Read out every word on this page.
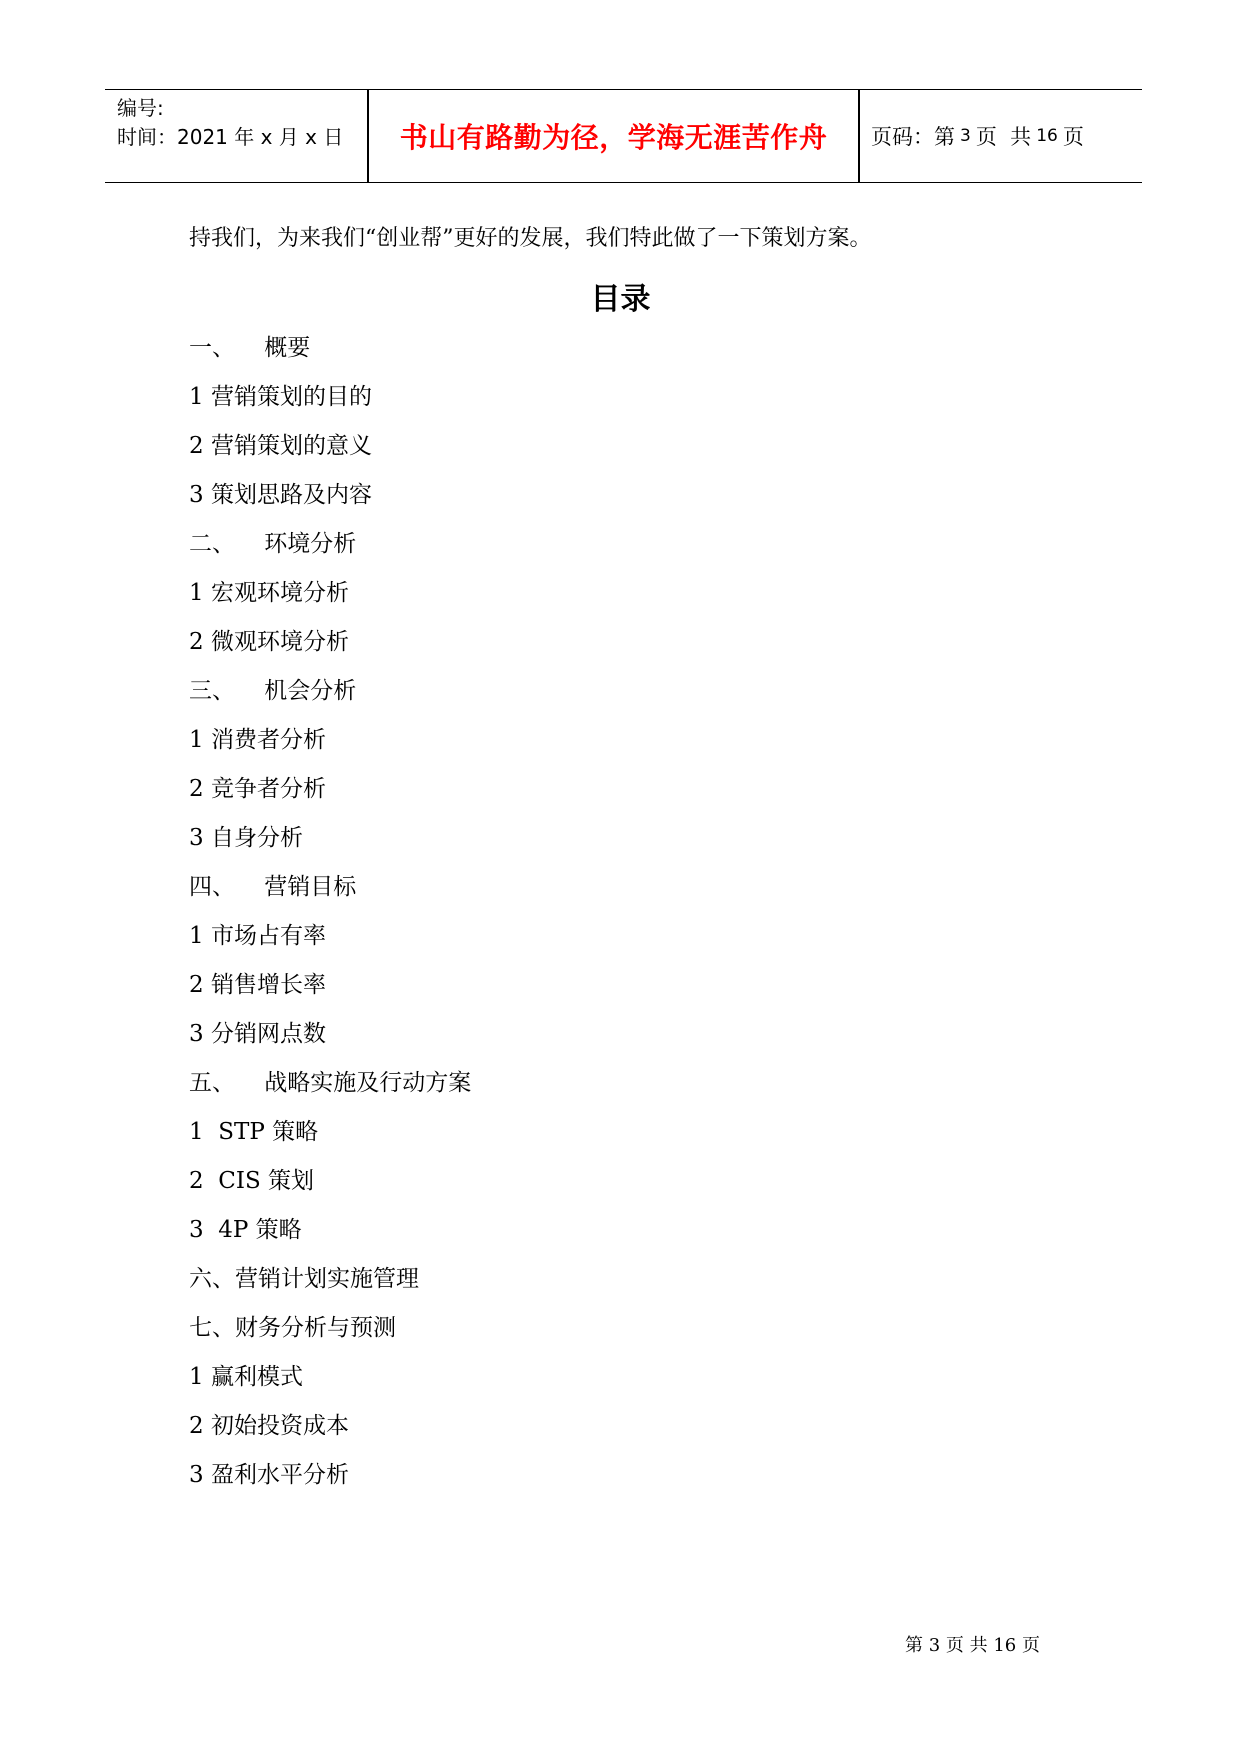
编号:
时间：2021 年 x 月 x 日	书山有路勤为径，学海无涯苦作舟	页码：第 3 页  共 16 页
持我们，为来我们“创业帮”更好的发展，我们特此做了一下策划方案。
目录
一、    概要
1 营销策划的目的
2 营销策划的意义
3 策划思路及内容
二、    环境分析
1 宏观环境分析
2 微观环境分析
三、    机会分析
1 消费者分析
2 竞争者分析
3 自身分析
四、    营销目标
1 市场占有率
2 销售增长率
3 分销网点数
五、    战略实施及行动方案
1  STP 策略
2  CIS 策划
3  4P 策略
六、营销计划实施管理
七、财务分析与预测
1 赢利模式
2 初始投资成本
3 盈利水平分析
第 3 页 共 16 页
